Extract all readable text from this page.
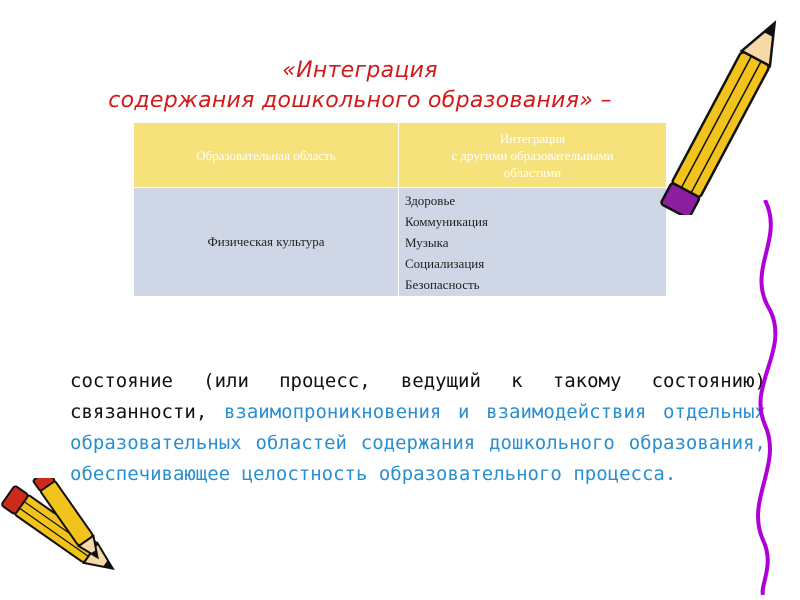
«Интеграция
содержания дошкольного образования» –
Образовательная область	Интеграция
с другими образовательными
областями

Физическая культура	Здоровье
Коммуникация
Музыка
Социализация
Безопасность
состояние (или процесс, ведущий к такому состоянию) связанности, взаимопроникновения и взаимодействия отдельных образовательных областей содержания дошкольного образования, обеспечивающее целостность образовательного процесса.
